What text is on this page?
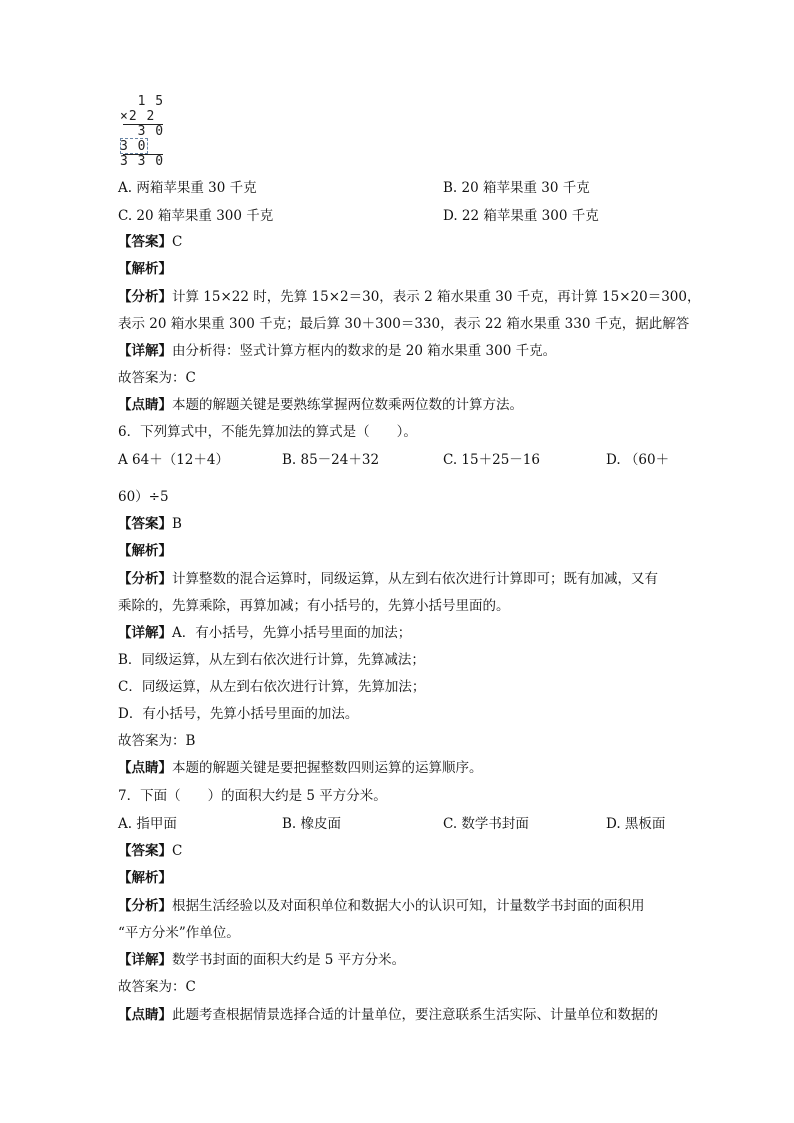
1 5
×2 2
3 0
3 0
3 3 0
A. 两箱苹果重 30 千克	B. 20 箱苹果重 30 千克
C. 20 箱苹果重 300 千克	D. 22 箱苹果重 300 千克
【答案】C
【解析】
【分析】计算 15×22 时，先算 15×2＝30，表示 2 箱水果重 30 千克，再计算 15×20＝300，
表示 20 箱水果重 300 千克；最后算 30＋300＝330，表示 22 箱水果重 330 千克，据此解答
【详解】由分析得：竖式计算方框内的数求的是 20 箱水果重 300 千克。
故答案为：C
【点睛】本题的解题关键是要熟练掌握两位数乘两位数的计算方法。
6．下列算式中，不能先算加法的算式是（　　）。
A 64＋（12＋4）	B. 85－24＋32	C. 15＋25－16	D. （60＋
60）÷5
【答案】B
【解析】
【分析】计算整数的混合运算时，同级运算，从左到右依次进行计算即可；既有加减，又有
乘除的，先算乘除，再算加减；有小括号的，先算小括号里面的。
【详解】A．有小括号，先算小括号里面的加法；
B．同级运算，从左到右依次进行计算，先算减法；
C．同级运算，从左到右依次进行计算，先算加法；
D．有小括号，先算小括号里面的加法。
故答案为：B
【点睛】本题的解题关键是要把握整数四则运算的运算顺序。
7．下面（　　）的面积大约是 5 平方分米。
A. 指甲面	B. 橡皮面	C. 数学书封面	D. 黑板面
【答案】C
【解析】
【分析】根据生活经验以及对面积单位和数据大小的认识可知，计量数学书封面的面积用
“平方分米”作单位。
【详解】数学书封面的面积大约是 5 平方分米。
故答案为：C
【点睛】此题考查根据情景选择合适的计量单位，要注意联系生活实际、计量单位和数据的
